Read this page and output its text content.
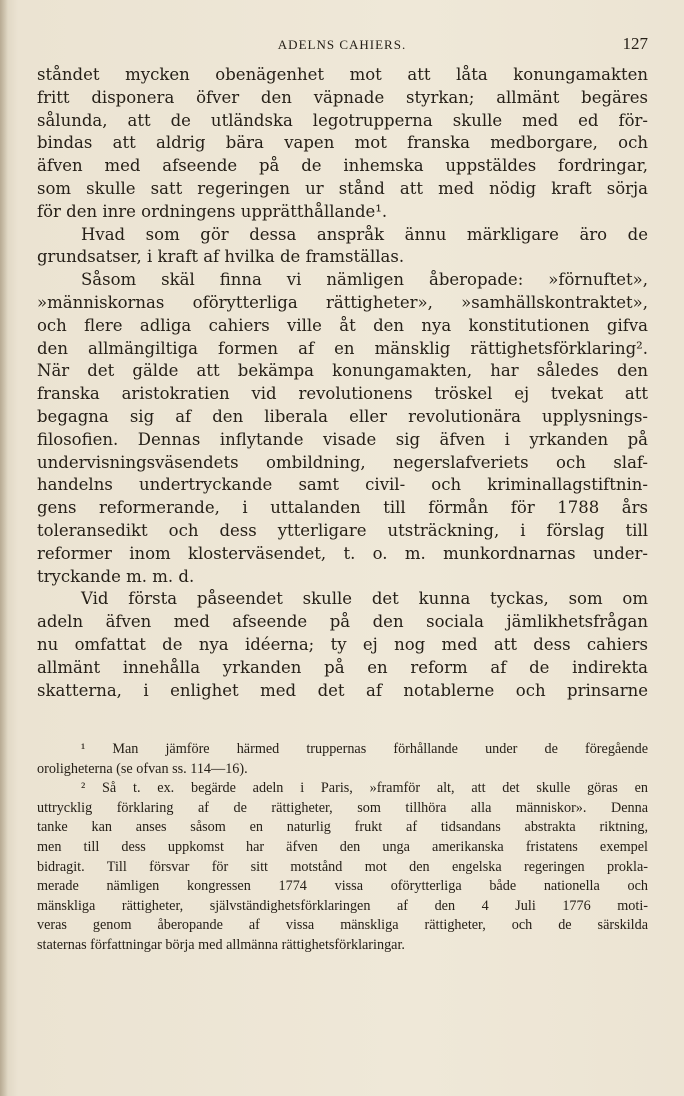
ADELNS CAHIERS.	127
ståndet mycken obenägenhet mot att låta konungamakten
fritt disponera öfver den väpnade styrkan; allmänt begäres
sålunda, att de utländska legotrupperna skulle med ed för-
bindas att aldrig bära vapen mot franska medborgare, och
äfven med afseende på de inhemska uppstäldes fordringar,
som skulle satt regeringen ur stånd att med nödig kraft sörja
för den inre ordningens upprätthållande¹.
Hvad som gör dessa anspråk ännu märkligare äro de
grundsatser, i kraft af hvilka de framställas.
Såsom skäl finna vi nämligen åberopade: »förnuftet»,
»människornas oförytterliga rättigheter», »samhällskontraktet»,
och flere adliga cahiers ville åt den nya konstitutionen gifva
den allmängiltiga formen af en mänsklig rättighetsförklaring².
När det gälde att bekämpa konungamakten, har således den
franska aristokratien vid revolutionens tröskel ej tvekat att
begagna sig af den liberala eller revolutionära upplysnings-
filosofien. Dennas inflytande visade sig äfven i yrkanden på
undervisningsväsendets ombildning, negerslafveriets och slaf-
handelns undertryckande samt civil- och kriminallagstiftnin-
gens reformerande, i uttalanden till förmån för 1788 års
toleransedikt och dess ytterligare utsträckning, i förslag till
reformer inom klosterväsendet, t. o. m. munkordnarnas under-
tryckande m. m. d.
Vid första påseendet skulle det kunna tyckas, som om
adeln äfven med afseende på den sociala jämlikhetsfrågan
nu omfattat de nya idéerna; ty ej nog med att dess cahiers
allmänt innehålla yrkanden på en reform af de indirekta
skatterna, i enlighet med det af notablerne och prinsarne
¹ Man jämföre härmed truppernas förhållande under de föregående
oroligheterna (se ofvan ss. 114—16).
² Så t. ex. begärde adeln i Paris, »framför alt, att det skulle göras en
uttrycklig förklaring af de rättigheter, som tillhöra alla människor». Denna
tanke kan anses såsom en naturlig frukt af tidsandans abstrakta riktning,
men till dess uppkomst har äfven den unga amerikanska fristatens exempel
bidragit. Till försvar för sitt motstånd mot den engelska regeringen prokla-
merade nämligen kongressen 1774 vissa oförytterliga både nationella och
mänskliga rättigheter, självständighetsförklaringen af den 4 Juli 1776 moti-
veras genom åberopande af vissa mänskliga rättigheter, och de särskilda
staternas författningar börja med allmänna rättighetsförklaringar.
